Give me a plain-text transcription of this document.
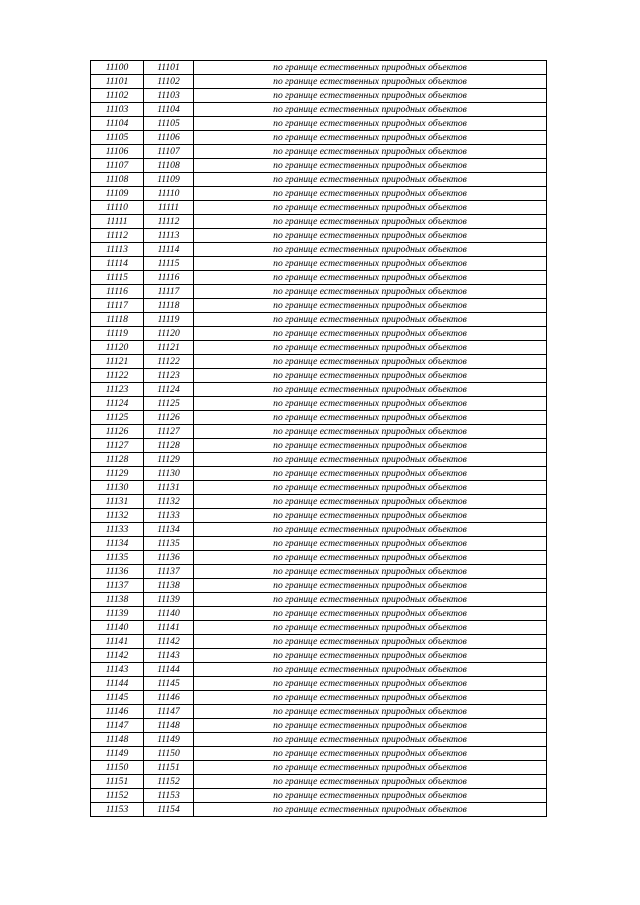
11100	11101	по границе естественных природных объектов
11101	11102	по границе естественных природных объектов
11102	11103	по границе естественных природных объектов
11103	11104	по границе естественных природных объектов
11104	11105	по границе естественных природных объектов
11105	11106	по границе естественных природных объектов
11106	11107	по границе естественных природных объектов
11107	11108	по границе естественных природных объектов
11108	11109	по границе естественных природных объектов
11109	11110	по границе естественных природных объектов
11110	11111	по границе естественных природных объектов
11111	11112	по границе естественных природных объектов
11112	11113	по границе естественных природных объектов
11113	11114	по границе естественных природных объектов
11114	11115	по границе естественных природных объектов
11115	11116	по границе естественных природных объектов
11116	11117	по границе естественных природных объектов
11117	11118	по границе естественных природных объектов
11118	11119	по границе естественных природных объектов
11119	11120	по границе естественных природных объектов
11120	11121	по границе естественных природных объектов
11121	11122	по границе естественных природных объектов
11122	11123	по границе естественных природных объектов
11123	11124	по границе естественных природных объектов
11124	11125	по границе естественных природных объектов
11125	11126	по границе естественных природных объектов
11126	11127	по границе естественных природных объектов
11127	11128	по границе естественных природных объектов
11128	11129	по границе естественных природных объектов
11129	11130	по границе естественных природных объектов
11130	11131	по границе естественных природных объектов
11131	11132	по границе естественных природных объектов
11132	11133	по границе естественных природных объектов
11133	11134	по границе естественных природных объектов
11134	11135	по границе естественных природных объектов
11135	11136	по границе естественных природных объектов
11136	11137	по границе естественных природных объектов
11137	11138	по границе естественных природных объектов
11138	11139	по границе естественных природных объектов
11139	11140	по границе естественных природных объектов
11140	11141	по границе естественных природных объектов
11141	11142	по границе естественных природных объектов
11142	11143	по границе естественных природных объектов
11143	11144	по границе естественных природных объектов
11144	11145	по границе естественных природных объектов
11145	11146	по границе естественных природных объектов
11146	11147	по границе естественных природных объектов
11147	11148	по границе естественных природных объектов
11148	11149	по границе естественных природных объектов
11149	11150	по границе естественных природных объектов
11150	11151	по границе естественных природных объектов
11151	11152	по границе естественных природных объектов
11152	11153	по границе естественных природных объектов
11153	11154	по границе естественных природных объектов
